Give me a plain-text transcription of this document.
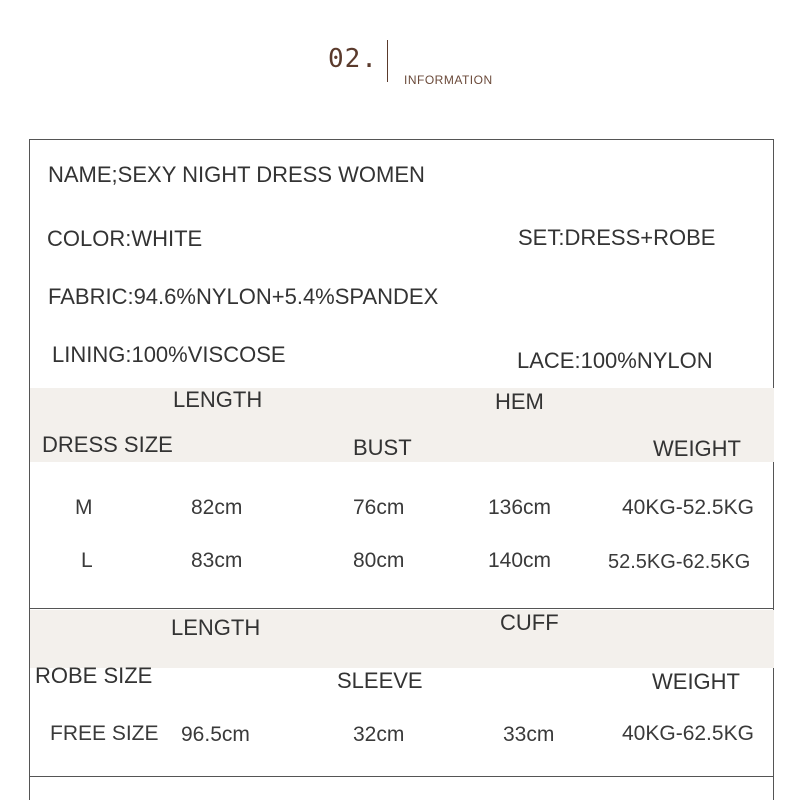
02.
INFORMATION
NAME;SEXY NIGHT DRESS WOMEN
COLOR:WHITE	SET:DRESS+ROBE
FABRIC:94.6%NYLON+5.4%SPANDEX
LINING:100%VISCOSE	LACE:100%NYLON
LENGTH	HEM
DRESS SIZE	BUST	WEIGHT
M	82cm	76cm	136cm	40KG-52.5KG
L	83cm	80cm	140cm	52.5KG-62.5KG
LENGTH	CUFF
ROBE SIZE	SLEEVE	WEIGHT
FREE SIZE 96.5cm	32cm	33cm	40KG-62.5KG
